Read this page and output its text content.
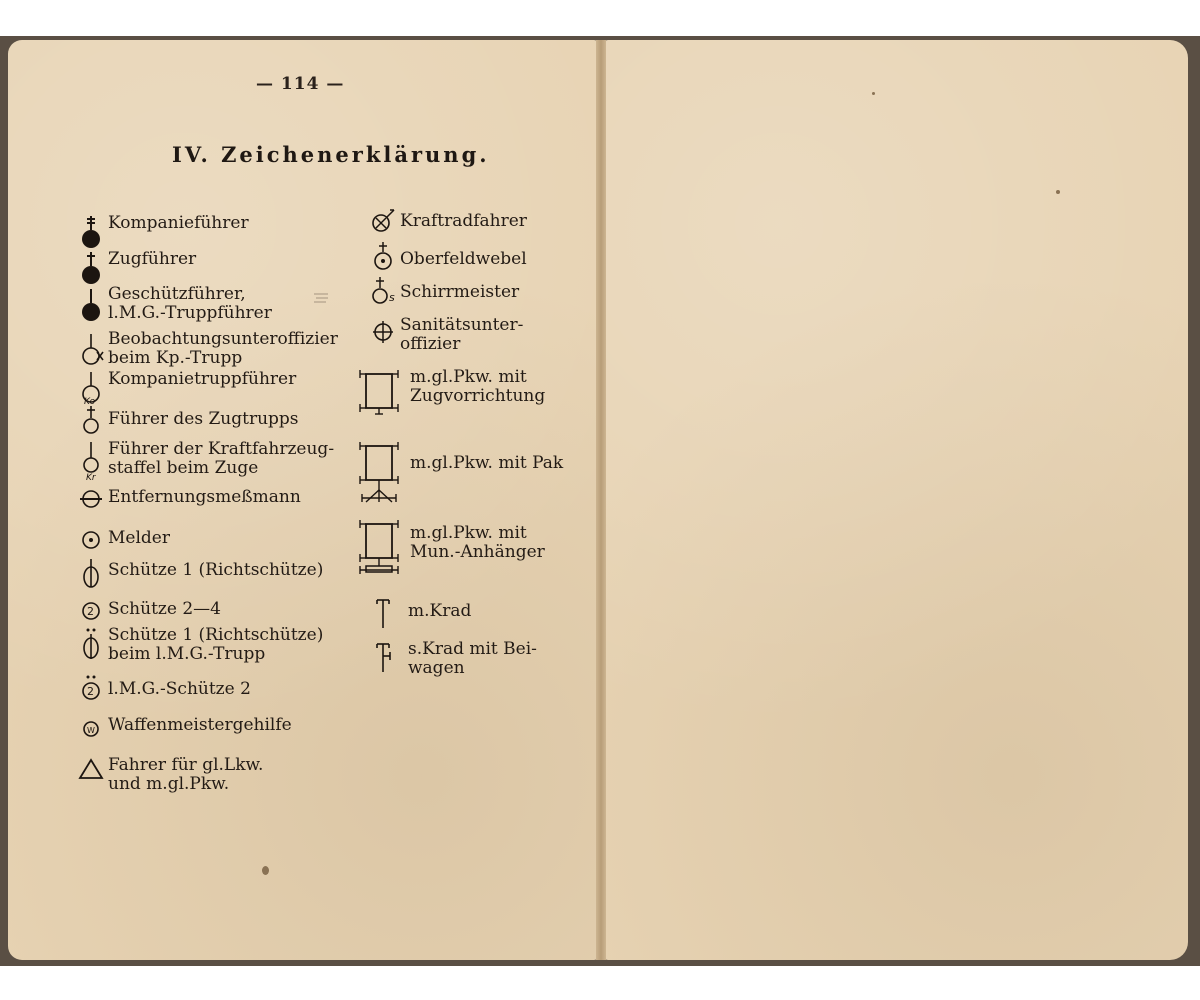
— 114 —
IV. Zeichenerklärung.
Kompanieführer
Zugführer
Geschützführer,
l.M.G.-Truppführer
Beobachtungsunteroffizier
beim Kp.-Trupp
Kompanietruppführer
Ko
Führer des Zugtrupps
Kr
Führer der Kraftfahrzeug-
staffel beim Zuge
Entfernungsmeßmann
Melder
Schütze 1 (Richtschütze)
2 Schütze 2—4
Schütze 1 (Richtschütze)
beim l.M.G.-Trupp
2 l.M.G.-Schütze 2
W Waffenmeistergehilfe
Fahrer für gl.Lkw.
und m.gl.Pkw.
Kraftradfahrer
Oberfeldwebel
s Schirrmeister
Sanitätsunter-
offizier
m.gl.Pkw. mit
Zugvorrichtung
m.gl.Pkw. mit Pak
m.gl.Pkw. mit
Mun.-Anhänger
m.Krad
s.Krad mit Bei-
wagen
